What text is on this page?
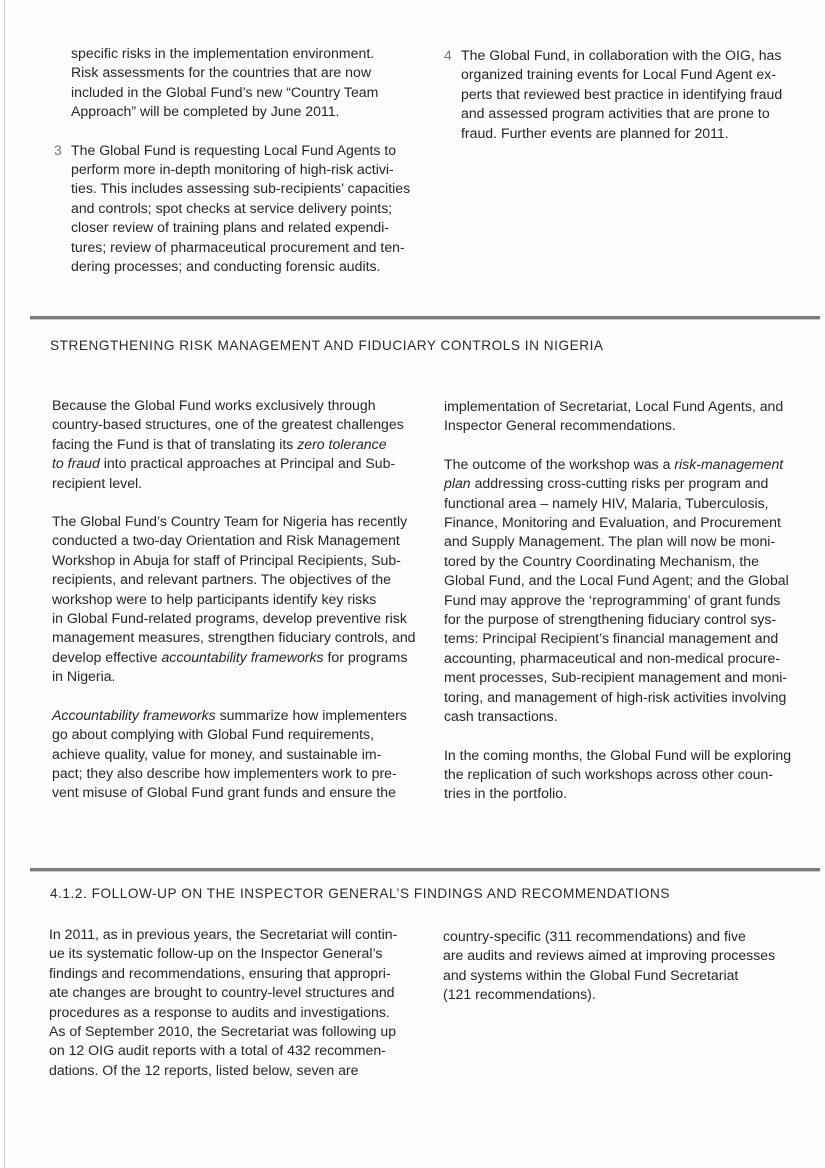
specific risks in the implementation environment.
Risk assessments for the countries that are now
included in the Global Fund’s new “Country Team
Approach” will be completed by June 2011.
3 The Global Fund is requesting Local Fund Agents to
perform more in-depth monitoring of high-risk activi-
ties. This includes assessing sub-recipients’ capacities
and controls; spot checks at service delivery points;
closer review of training plans and related expendi-
tures; review of pharmaceutical procurement and ten-
dering processes; and conducting forensic audits.
4 The Global Fund, in collaboration with the OIG, has
organized training events for Local Fund Agent ex-
perts that reviewed best practice in identifying fraud
and assessed program activities that are prone to
fraud. Further events are planned for 2011.
STRENGTHENING RISK MANAGEMENT AND FIDUCIARY CONTROLS IN NIGERIA

Because the Global Fund works exclusively through
country-based structures, one of the greatest challenges
facing the Fund is that of translating its zero tolerance
to fraud into practical approaches at Principal and Sub-
recipient level.

The Global Fund’s Country Team for Nigeria has recently
conducted a two-day Orientation and Risk Management
Workshop in Abuja for staff of Principal Recipients, Sub-
recipients, and relevant partners. The objectives of the
workshop were to help participants identify key risks
in Global Fund-related programs, develop preventive risk
management measures, strengthen fiduciary controls, and
develop effective accountability frameworks for programs
in Nigeria.

Accountability frameworks summarize how implementers
go about complying with Global Fund requirements,
achieve quality, value for money, and sustainable im-
pact; they also describe how implementers work to pre-
vent misuse of Global Fund grant funds and ensure the

implementation of Secretariat, Local Fund Agents, and
Inspector General recommendations.

The outcome of the workshop was a risk-management
plan addressing cross-cutting risks per program and
functional area – namely HIV, Malaria, Tuberculosis,
Finance, Monitoring and Evaluation, and Procurement
and Supply Management. The plan will now be moni-
tored by the Country Coordinating Mechanism, the
Global Fund, and the Local Fund Agent; and the Global
Fund may approve the ‘reprogramming’ of grant funds
for the purpose of strengthening fiduciary control sys-
tems: Principal Recipient’s financial management and
accounting, pharmaceutical and non-medical procure-
ment processes, Sub-recipient management and moni-
toring, and management of high-risk activities involving
cash transactions.

In the coming months, the Global Fund will be exploring
the replication of such workshops across other coun-
tries in the portfolio.

4.1.2. FOLLOW-UP ON THE INSPECTOR GENERAL’S FINDINGS AND RECOMMENDATIONS

In 2011, as in previous years, the Secretariat will contin-
ue its systematic follow-up on the Inspector General’s
findings and recommendations, ensuring that appropri-
ate changes are brought to country-level structures and
procedures as a response to audits and investigations.
As of September 2010, the Secretariat was following up
on 12 OIG audit reports with a total of 432 recommen-
dations. Of the 12 reports, listed below, seven are

country-specific (311 recommendations) and five
are audits and reviews aimed at improving processes
and systems within the Global Fund Secretariat
(121 recommendations).
